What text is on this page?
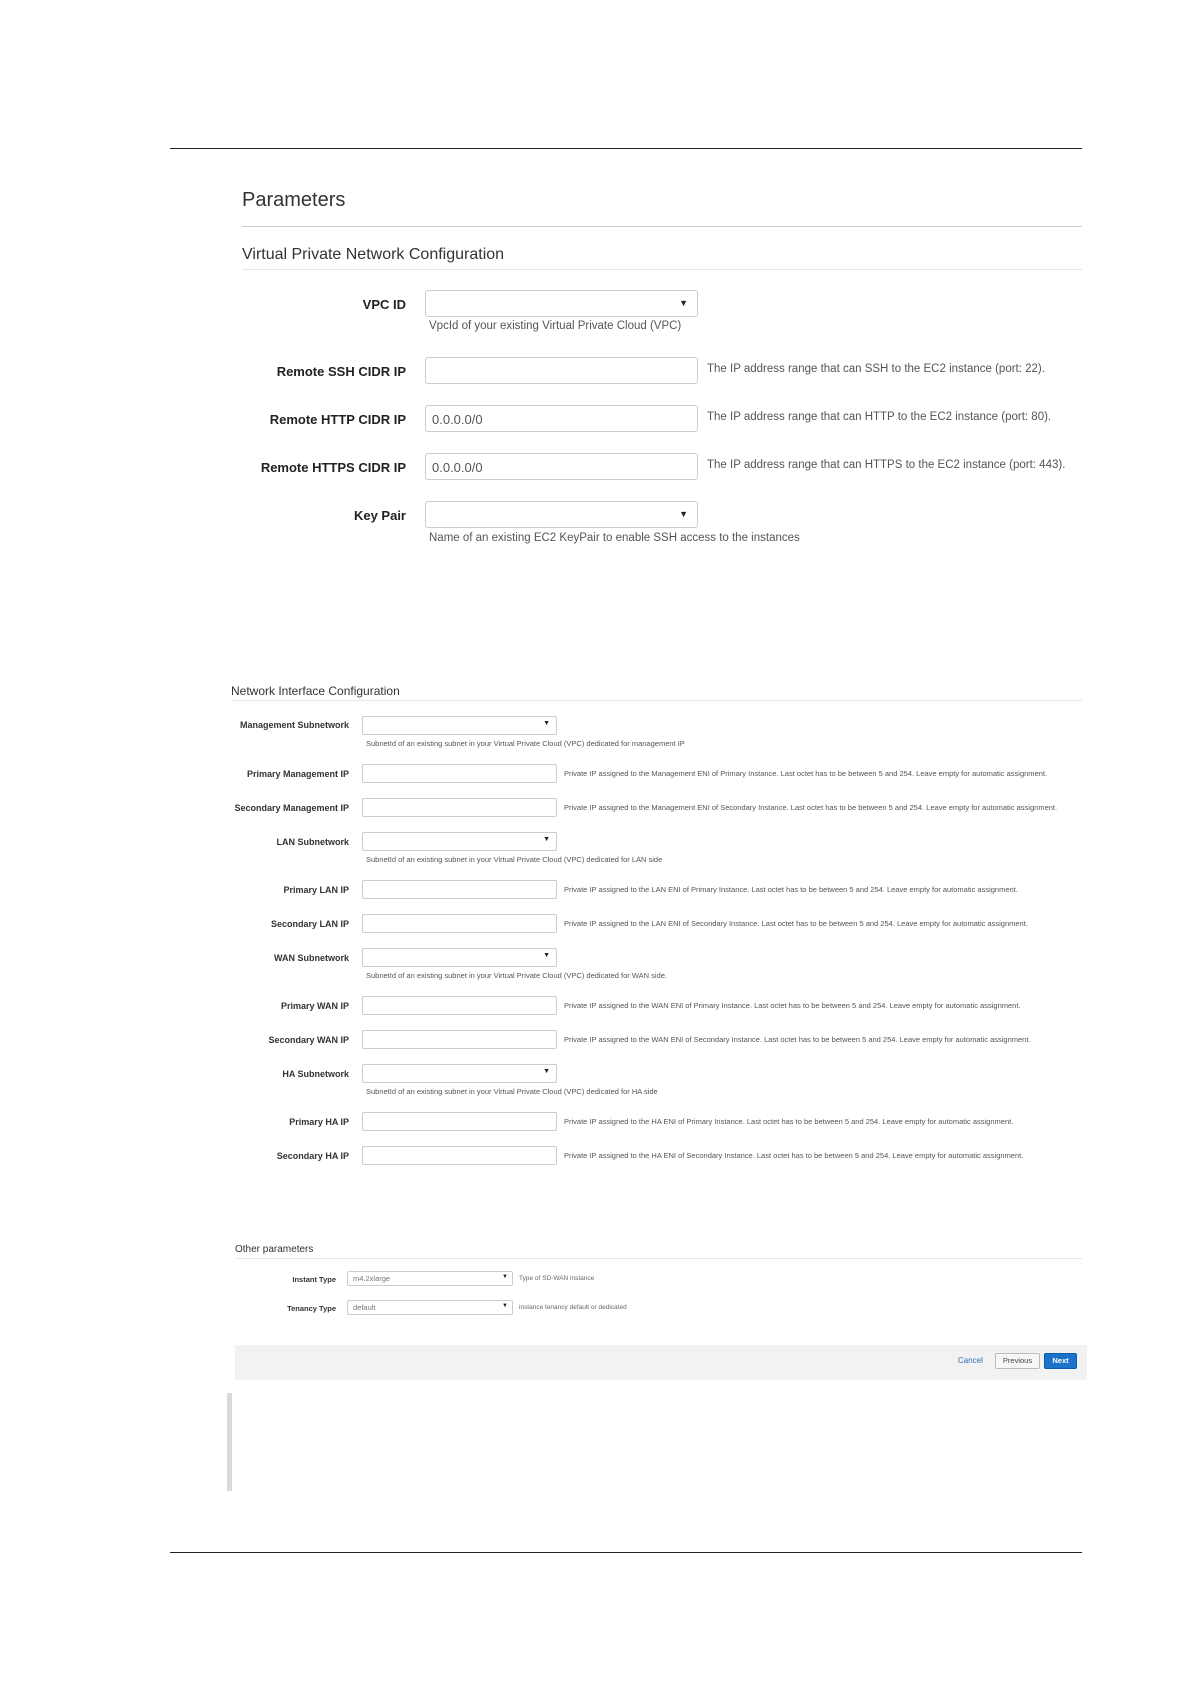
Parameters
Virtual Private Network Configuration
VPC ID	▼
VpcId of your existing Virtual Private Cloud (VPC)
Remote SSH CIDR IP	The IP address range that can SSH to the EC2 instance (port: 22).
Remote HTTP CIDR IP 0.0.0.0/0	The IP address range that can HTTP to the EC2 instance (port: 80).
Remote HTTPS CIDR IP 0.0.0.0/0	The IP address range that can HTTPS to the EC2 instance (port: 443).
Key Pair	▼
Name of an existing EC2 KeyPair to enable SSH access to the instances
Network Interface Configuration
Management Subnetwork	▼
SubnetId of an existing subnet in your Virtual Private Cloud (VPC) dedicated for management IP
Primary Management IP	Private IP assigned to the Management ENI of Primary Instance. Last octet has to be between 5 and 254. Leave empty for automatic assignment.
Secondary Management IP	Private IP assigned to the Management ENI of Secondary Instance. Last octet has to be between 5 and 254. Leave empty for automatic assignment.
LAN Subnetwork	▼
SubnetId of an existing subnet in your Virtual Private Cloud (VPC) dedicated for LAN side
Primary LAN IP	Private IP assigned to the LAN ENI of Primary Instance. Last octet has to be between 5 and 254. Leave empty for automatic assignment.
Secondary LAN IP	Private IP assigned to the LAN ENI of Secondary Instance. Last octet has to be between 5 and 254. Leave empty for automatic assignment.
WAN Subnetwork	▼
SubnetId of an existing subnet in your Virtual Private Cloud (VPC) dedicated for WAN side.
Primary WAN IP	Private IP assigned to the WAN ENI of Primary Instance. Last octet has to be between 5 and 254. Leave empty for automatic assignment.
Secondary WAN IP	Private IP assigned to the WAN ENI of Secondary Instance. Last octet has to be between 5 and 254. Leave empty for automatic assignment.
HA Subnetwork	▼
SubnetId of an existing subnet in your Virtual Private Cloud (VPC) dedicated for HA side
Primary HA IP	Private IP assigned to the HA ENI of Primary Instance. Last octet has to be between 5 and 254. Leave empty for automatic assignment.
Secondary HA IP	Private IP assigned to the HA ENI of Secondary Instance. Last octet has to be between 5 and 254. Leave empty for automatic assignment.
Other parameters
Instant Type m4.2xlarge	▼ Type of SD-WAN instance
Tenancy Type default	▼ instance tenancy default or dedicated
Cancel	Previous	Next
